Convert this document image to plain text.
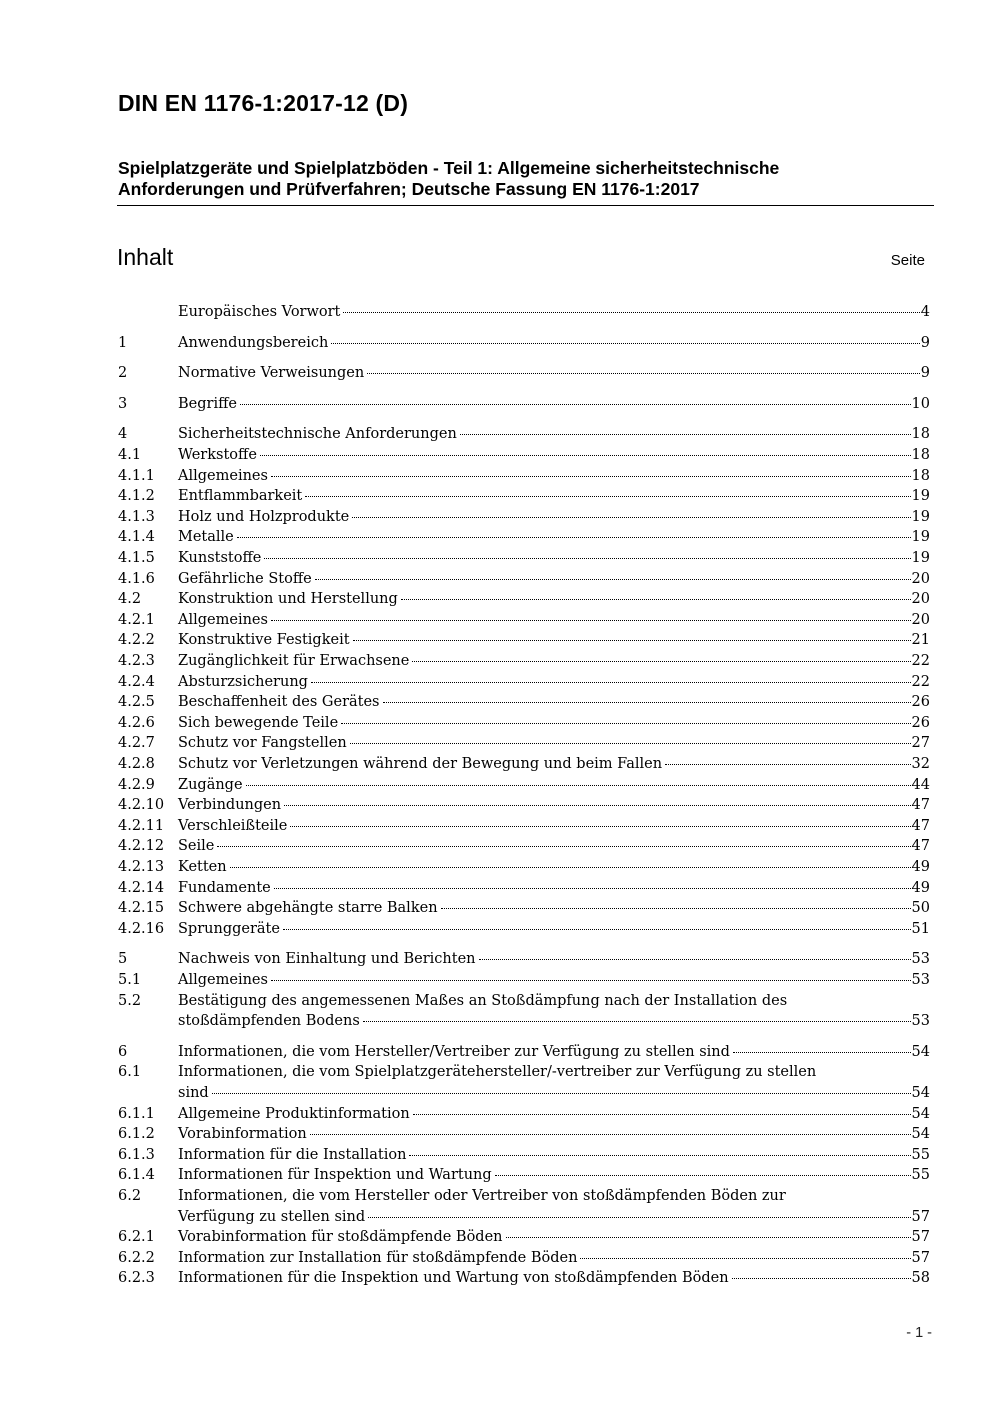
DIN EN 1176-1:2017-12 (D)
Spielplatzgeräte und Spielplatzböden - Teil 1: Allgemeine sicherheitstechnische
Anforderungen und Prüfverfahren; Deutsche Fassung EN 1176-1:2017
Inhalt	Seite
Europäisches Vorwort	4
1	Anwendungsbereich	9
2	Normative Verweisungen	9
3	Begriffe	10
4	Sicherheitstechnische Anforderungen	18
4.1	Werkstoffe	18
4.1.1 Allgemeines	18
4.1.2 Entflammbarkeit	19
4.1.3 Holz und Holzprodukte	19
4.1.4 Metalle	19
4.1.5 Kunststoffe	19
4.1.6 Gefährliche Stoffe	20
4.2	Konstruktion und Herstellung	20
4.2.1 Allgemeines	20
4.2.2 Konstruktive Festigkeit	21
4.2.3 Zugänglichkeit für Erwachsene	22
4.2.4 Absturzsicherung	22
4.2.5 Beschaffenheit des Gerätes	26
4.2.6 Sich bewegende Teile	26
4.2.7 Schutz vor Fangstellen	27
4.2.8 Schutz vor Verletzungen während der Bewegung und beim Fallen	32
4.2.9 Zugänge	44
4.2.10 Verbindungen	47
4.2.11 Verschleißteile	47
4.2.12 Seile	47
4.2.13 Ketten	49
4.2.14 Fundamente	49
4.2.15 Schwere abgehängte starre Balken	50
4.2.16 Sprunggeräte	51
5	Nachweis von Einhaltung und Berichten	53
5.1	Allgemeines	53
5.2	Bestätigung des angemessenen Maßes an Stoßdämpfung nach der Installation des
stoßdämpfenden Bodens	53
6	Informationen, die vom Hersteller/Vertreiber zur Verfügung zu stellen sind	54
6.1	Informationen, die vom Spielplatzgerätehersteller/-vertreiber zur Verfügung zu stellen
sind	54
6.1.1 Allgemeine Produktinformation	54
6.1.2 Vorabinformation	54
6.1.3 Information für die Installation	55
6.1.4 Informationen für Inspektion und Wartung	55
6.2	Informationen, die vom Hersteller oder Vertreiber von stoßdämpfenden Böden zur
Verfügung zu stellen sind	57
6.2.1 Vorabinformation für stoßdämpfende Böden	57
6.2.2 Information zur Installation für stoßdämpfende Böden	57
6.2.3 Informationen für die Inspektion und Wartung von stoßdämpfenden Böden	58
- 1 -
